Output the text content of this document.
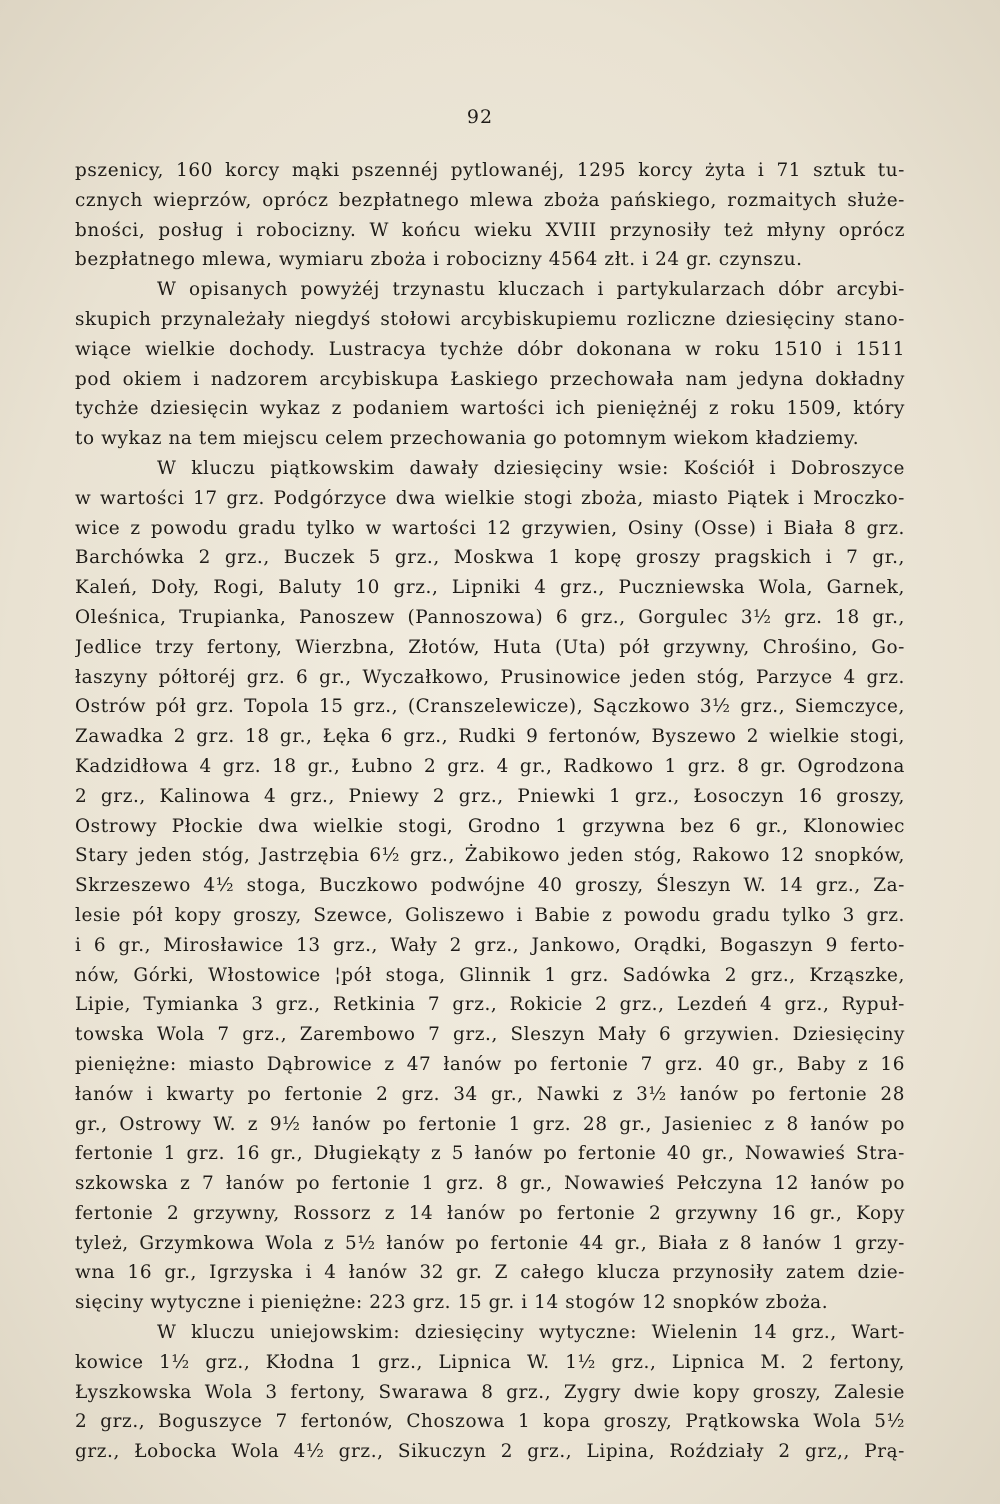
92
pszenicy, 160 korcy mąki pszennéj pytlowanéj, 1295 korcy żyta i 71 sztuk tu-
cznych wieprzów, oprócz bezpłatnego mlewa zboża pańskiego, rozmaitych służe-
bności, posług i robocizny. W końcu wieku XVIII przynosiły też młyny oprócz
bezpłatnego mlewa, wymiaru zboża i robocizny 4564 złt. i 24 gr. czynszu.
W opisanych powyżéj trzynastu kluczach i partykularzach dóbr arcybi-
skupich przynależały niegdyś stołowi arcybiskupiemu rozliczne dziesięciny stano-
wiące wielkie dochody. Lustracya tychże dóbr dokonana w roku 1510 i 1511
pod okiem i nadzorem arcybiskupa Łaskiego przechowała nam jedyna dokładny
tychże dziesięcin wykaz z podaniem wartości ich pieniężnéj z roku 1509, który
to wykaz na tem miejscu celem przechowania go potomnym wiekom kładziemy.
W kluczu piątkowskim dawały dziesięciny wsie: Kościół i Dobroszyce
w wartości 17 grz. Podgórzyce dwa wielkie stogi zboża, miasto Piątek i Mroczko-
wice z powodu gradu tylko w wartości 12 grzywien, Osiny (Osse) i Biała 8 grz.
Barchówka 2 grz., Buczek 5 grz., Moskwa 1 kopę groszy pragskich i 7 gr.,
Kaleń, Doły, Rogi, Baluty 10 grz., Lipniki 4 grz., Puczniewska Wola, Garnek,
Oleśnica, Trupianka, Panoszew (Pannoszowa) 6 grz., Gorgulec 3½ grz. 18 gr.,
Jedlice trzy fertony, Wierzbna, Złotów, Huta (Uta) pół grzywny, Chrośino, Go-
łaszyny półtoréj grz. 6 gr., Wyczałkowo, Prusinowice jeden stóg, Parzyce 4 grz.
Ostrów pół grz. Topola 15 grz., (Cranszelewicze), Sączkowo 3½ grz., Siemczyce,
Zawadka 2 grz. 18 gr., Łęka 6 grz., Rudki 9 fertonów, Byszewo 2 wielkie stogi,
Kadzidłowa 4 grz. 18 gr., Łubno 2 grz. 4 gr., Radkowo 1 grz. 8 gr. Ogrodzona
2 grz., Kalinowa 4 grz., Pniewy 2 grz., Pniewki 1 grz., Łosoczyn 16 groszy,
Ostrowy Płockie dwa wielkie stogi, Grodno 1 grzywna bez 6 gr., Klonowiec
Stary jeden stóg, Jastrzębia 6½ grz., Żabikowo jeden stóg, Rakowo 12 snopków,
Skrzeszewo 4½ stoga, Buczkowo podwójne 40 groszy, Śleszyn W. 14 grz., Za-
lesie pół kopy groszy, Szewce, Goliszewo i Babie z powodu gradu tylko 3 grz.
i 6 gr., Mirosławice 13 grz., Wały 2 grz., Jankowo, Orądki, Bogaszyn 9 ferto-
nów, Górki, Włostowice ¦pół stoga, Glinnik 1 grz. Sadówka 2 grz., Krząszke,
Lipie, Tymianka 3 grz., Retkinia 7 grz., Rokicie 2 grz., Lezdeń 4 grz., Rypuł-
towska Wola 7 grz., Zarembowo 7 grz., Sleszyn Mały 6 grzywien. Dziesięciny
pieniężne: miasto Dąbrowice z 47 łanów po fertonie 7 grz. 40 gr., Baby z 16
łanów i kwarty po fertonie 2 grz. 34 gr., Nawki z 3½ łanów po fertonie 28
gr., Ostrowy W. z 9½ łanów po fertonie 1 grz. 28 gr., Jasieniec z 8 łanów po
fertonie 1 grz. 16 gr., Długiekąty z 5 łanów po fertonie 40 gr., Nowawieś Stra-
szkowska z 7 łanów po fertonie 1 grz. 8 gr., Nowawieś Pełczyna 12 łanów po
fertonie 2 grzywny, Rossorz z 14 łanów po fertonie 2 grzywny 16 gr., Kopy
tyleż, Grzymkowa Wola z 5½ łanów po fertonie 44 gr., Biała z 8 łanów 1 grzy-
wna 16 gr., Igrzyska i 4 łanów 32 gr. Z całego klucza przynosiły zatem dzie-
sięciny wytyczne i pieniężne: 223 grz. 15 gr. i 14 stogów 12 snopków zboża.
W kluczu uniejowskim: dziesięciny wytyczne: Wielenin 14 grz., Wart-
kowice 1½ grz., Kłodna 1 grz., Lipnica W. 1½ grz., Lipnica M. 2 fertony,
Łyszkowska Wola 3 fertony, Swarawa 8 grz., Zygry dwie kopy groszy, Zalesie
2 grz., Boguszyce 7 fertonów, Choszowa 1 kopa groszy, Prątkowska Wola 5½
grz., Łobocka Wola 4½ grz., Sikuczyn 2 grz., Lipina, Roździały 2 grz,, Prą-
